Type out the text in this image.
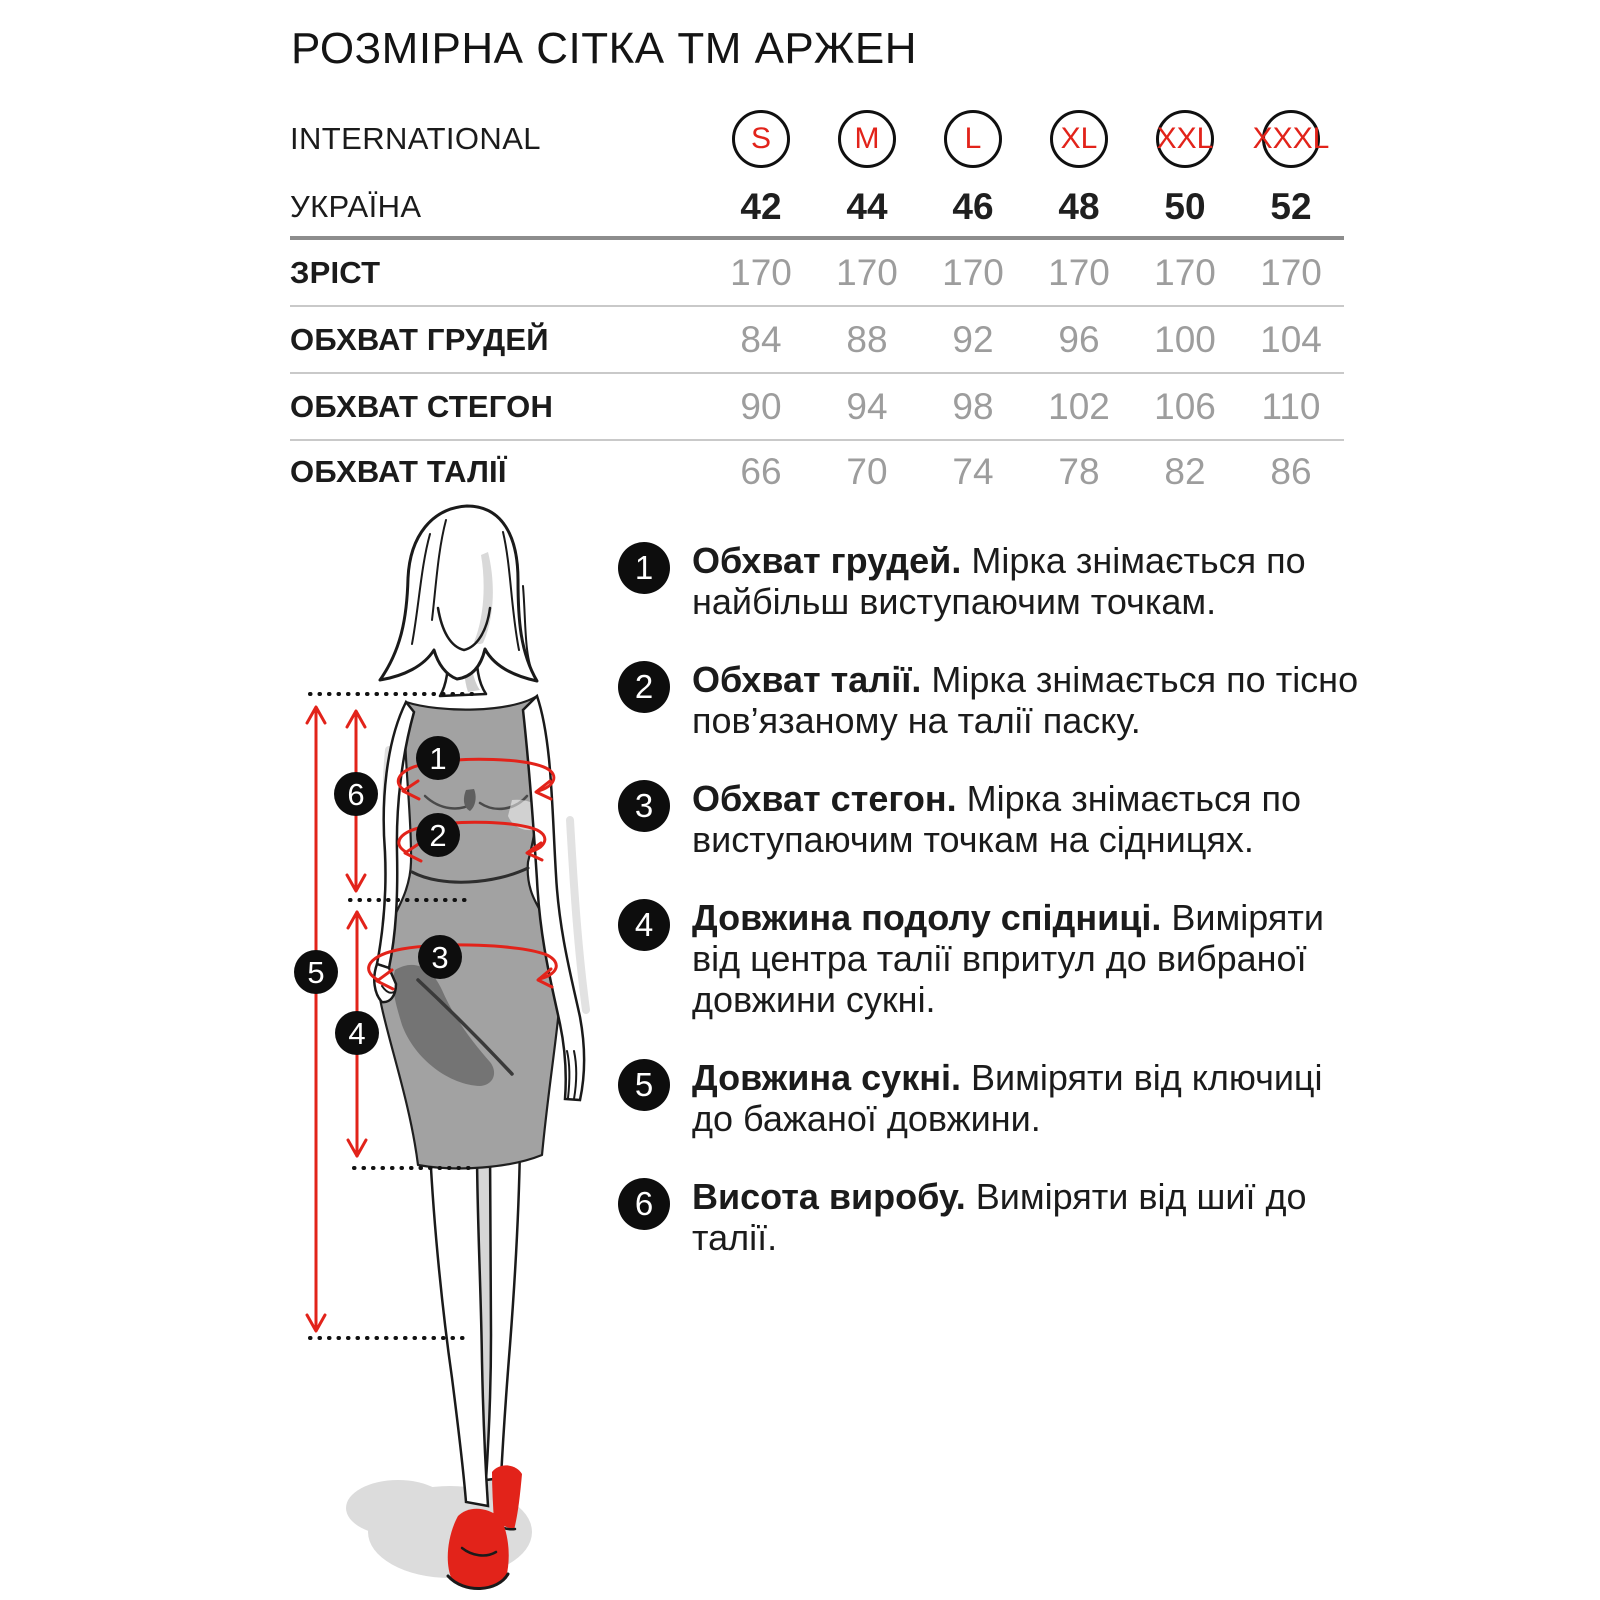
РОЗМІРНА СІТКА ТМ АРЖЕН
INTERNATIONAL	S	M	L	XL XXL XXXL
УКРАЇНА	42 44 46 48 50 52
ЗРІСТ	170 170 170 170 170 170
ОБХВАТ ГРУДЕЙ	84 88 92 96 100 104
ОБХВАТ СТЕГОН	90 94 98 102 106 110
ОБХВАТ ТАЛІЇ	66 70 74 78 82 86
1
2
3
4
5
6
1	Обхват грудей. Мірка знімається по найбільш виступаючим точкам.
2	Обхват талії. Мірка знімається по тісно пов’язаному на талії паску.
3	Обхват стегон. Мірка знімається по виступаючим точкам на сідницях.
4	Довжина подолу спідниці. Виміряти від центра талії впритул до вибраної довжини сукні.
5	Довжина сукні. Виміряти від ключиці до бажаної довжини.
6	Висота виробу. Виміряти від шиї до талії.
